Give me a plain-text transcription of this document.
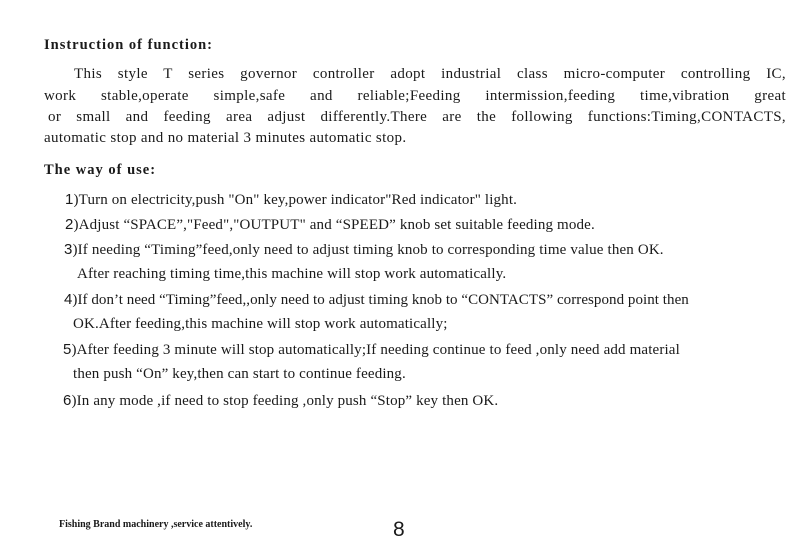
Instruction of function:
This style T series governor controller adopt industrial class micro-computer controlling IC,
work stable,operate simple,safe and reliable;Feeding intermission,feeding time,vibration great
or small and feeding area adjust differently.There are the following functions:Timing,CONTACTS,
automatic stop and no material 3 minutes automatic stop.
The way of use:
1)Turn on electricity,push "On" key,power indicator"Red indicator" light.
2)Adjust “SPACE”,"Feed","OUTPUT" and “SPEED” knob set suitable feeding mode.
3)If needing “Timing”feed,only need to adjust timing knob to corresponding time value then OK.
After reaching timing time,this machine will stop work automatically.
4)If don’t need “Timing”feed,,only need to adjust timing knob to “CONTACTS” correspond point then
OK.After feeding,this machine will stop work automatically;
5)After feeding 3 minute will stop automatically;If needing continue to feed ,only need add material
then push “On” key,then can start to continue feeding.
6)In any mode ,if need to stop feeding ,only push “Stop” key then OK.
Fishing Brand machinery ,service attentively.	8
